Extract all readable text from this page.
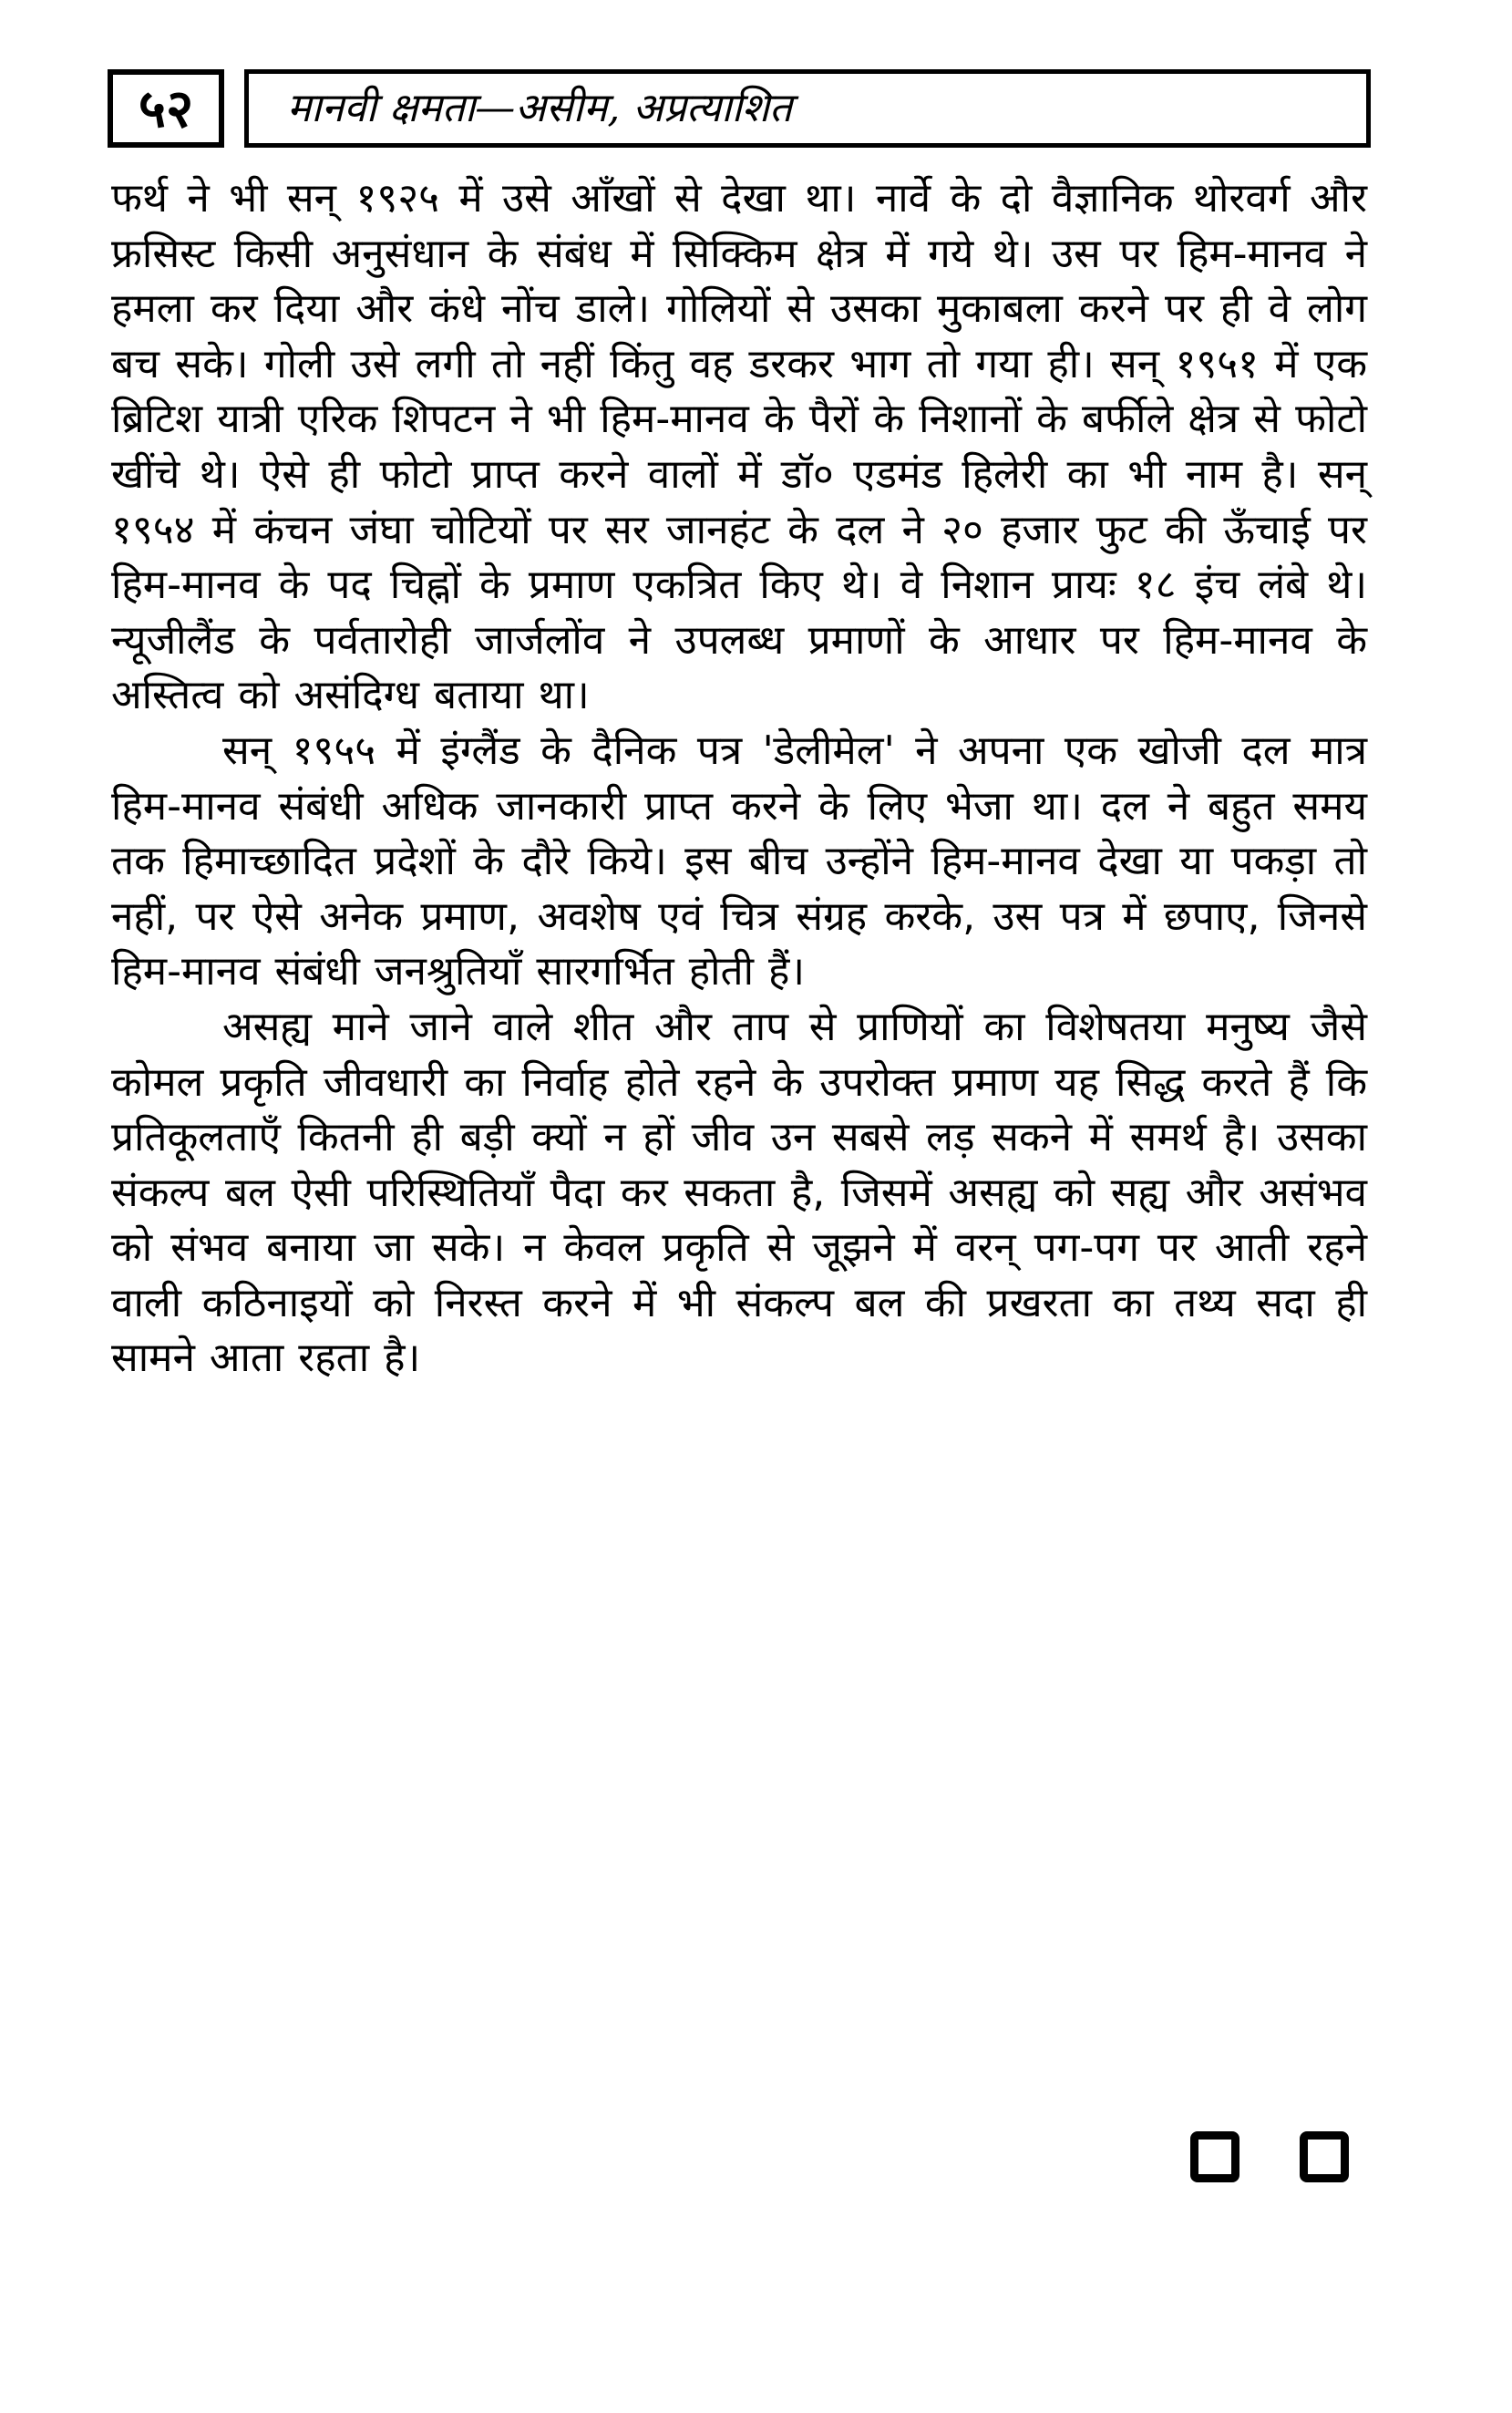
५२	मानवी क्षमता—असीम, अप्रत्याशित

फर्थ ने भी सन् १९२५ में उसे आँखों से देखा था। नार्वे के दो वैज्ञानिक थोरवर्ग और फ्रसिस्ट किसी अनुसंधान के संबंध में सिक्किम क्षेत्र में गये थे। उस पर हिम-मानव ने हमला कर दिया और कंधे नोंच डाले। गोलियों से उसका मुकाबला करने पर ही वे लोग बच सके। गोली उसे लगी तो नहीं किंतु वह डरकर भाग तो गया ही। सन् १९५१ में एक ब्रिटिश यात्री एरिक शिपटन ने भी हिम-मानव के पैरों के निशानों के बर्फीले क्षेत्र से फोटो खींचे थे। ऐसे ही फोटो प्राप्त करने वालों में डॉ० एडमंड हिलेरी का भी नाम है। सन् १९५४ में कंचन जंघा चोटियों पर सर जानहंट के दल ने २० हजार फुट की ऊँचाई पर हिम-मानव के पद चिह्नों के प्रमाण एकत्रित किए थे। वे निशान प्रायः १८ इंच लंबे थे। न्यूजीलैंड के पर्वतारोही जार्जलोंव ने उपलब्ध प्रमाणों के आधार पर हिम-मानव के अस्तित्व को असंदिग्ध बताया था।

सन् १९५५ में इंग्लैंड के दैनिक पत्र 'डेलीमेल' ने अपना एक खोजी दल मात्र हिम-मानव संबंधी अधिक जानकारी प्राप्त करने के लिए भेजा था। दल ने बहुत समय तक हिमाच्छादित प्रदेशों के दौरे किये। इस बीच उन्होंने हिम-मानव देखा या पकड़ा तो नहीं, पर ऐसे अनेक प्रमाण, अवशेष एवं चित्र संग्रह करके, उस पत्र में छपाए, जिनसे हिम-मानव संबंधी जनश्रुतियाँ सारगर्भित होती हैं।

असह्य माने जाने वाले शीत और ताप से प्राणियों का विशेषतया मनुष्य जैसे कोमल प्रकृति जीवधारी का निर्वाह होते रहने के उपरोक्त प्रमाण यह सिद्ध करते हैं कि प्रतिकूलताएँ कितनी ही बड़ी क्यों न हों जीव उन सबसे लड़ सकने में समर्थ है। उसका संकल्प बल ऐसी परिस्थितियाँ पैदा कर सकता है, जिसमें असह्य को सह्य और असंभव को संभव बनाया जा सके। न केवल प्रकृति से जूझने में वरन् पग-पग पर आती रहने वाली कठिनाइयों को निरस्त करने में भी संकल्प बल की प्रखरता का तथ्य सदा ही सामने आता रहता है।
